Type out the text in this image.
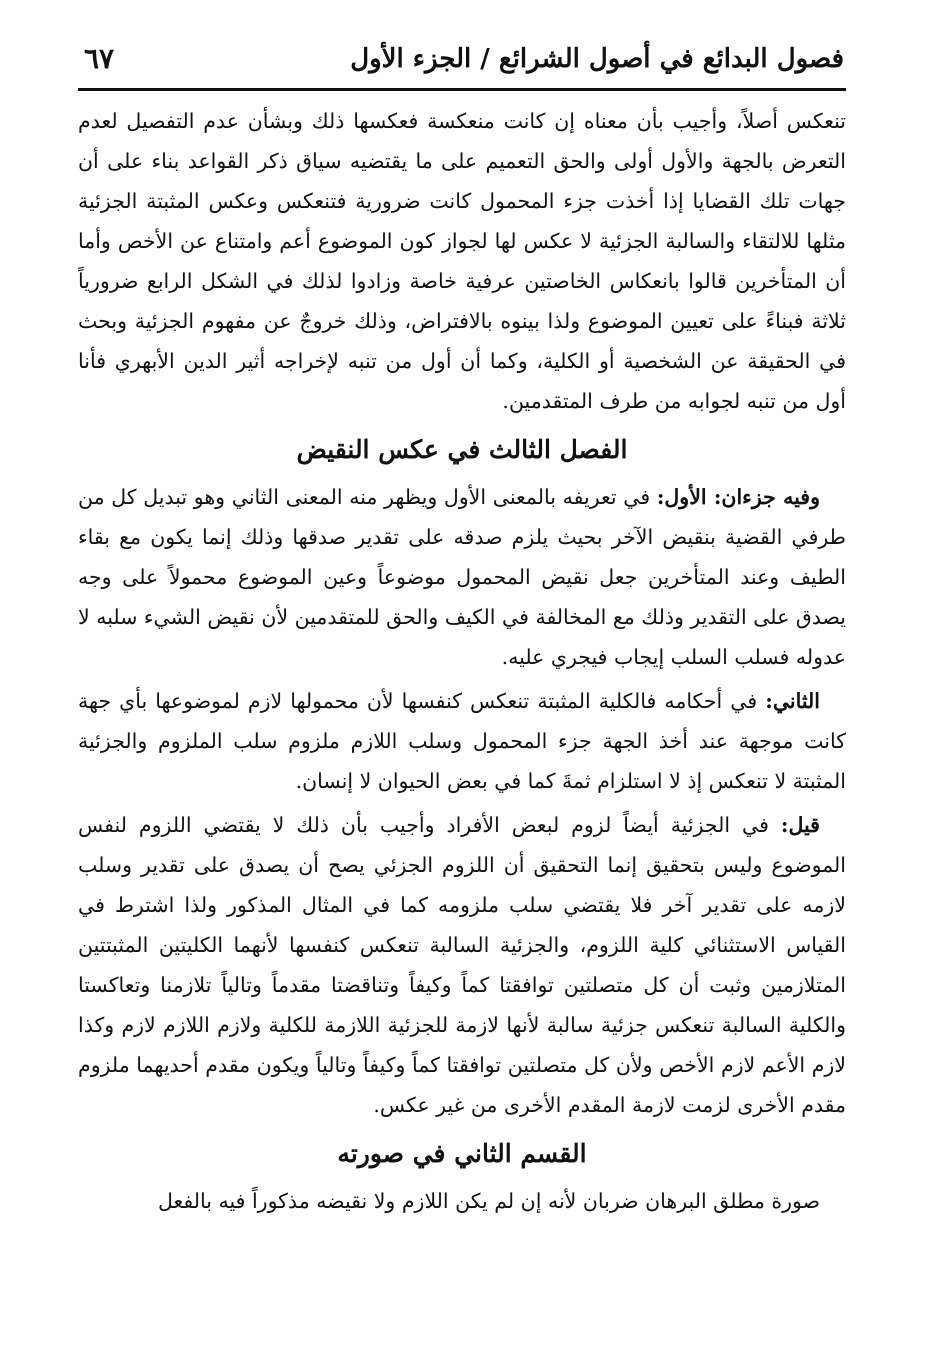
فصول البدائع في أصول الشرائع / الجزء الأول
٦٧

تنعكس أصلاً، وأجيب بأن معناه إن كانت منعكسة فعكسها ذلك وبشأن عدم التفصيل لعدم التعرض بالجهة والأول أولى والحق التعميم على ما يقتضيه سياق ذكر القواعد بناء على أن جهات تلك القضايا إذا أخذت جزء المحمول كانت ضرورية فتنعكس وعكس المثبتة الجزئية مثلها للالتقاء والسالبة الجزئية لا عكس لها لجواز كون الموضوع أعم وامتناع عن الأخص وأما أن المتأخرين قالوا بانعكاس الخاصتين عرفية خاصة وزادوا لذلك في الشكل الرابع ضرورياً ثلاثة فبناءً على تعيين الموضوع ولذا بينوه بالافتراض، وذلك خروجٌ عن مفهوم الجزئية وبحث في الحقيقة عن الشخصية أو الكلية، وكما أن أول من تنبه لإخراجه أثير الدين الأبهري فأنا أول من تنبه لجوابه من طرف المتقدمين.

الفصل الثالث في عكس النقيض

وفيه جزءان: الأول: في تعريفه بالمعنى الأول ويظهر منه المعنى الثاني وهو تبديل كل من طرفي القضية بنقيض الآخر بحيث يلزم صدقه على تقدير صدقها وذلك إنما يكون مع بقاء الطيف وعند المتأخرين جعل نقيض المحمول موضوعاً وعين الموضوع محمولاً على وجه يصدق على التقدير وذلك مع المخالفة في الكيف والحق للمتقدمين لأن نقيض الشيء سلبه لا عدوله فسلب السلب إيجاب فيجري عليه.

الثاني: في أحكامه فالكلية المثبتة تنعكس كنفسها لأن محمولها لازم لموضوعها بأي جهة كانت موجهة عند أخذ الجهة جزء المحمول وسلب اللازم ملزوم سلب الملزوم والجزئية المثبتة لا تنعكس إذ لا استلزام ثمةَ كما في بعض الحيوان لا إنسان.

قيل: في الجزئية أيضاً لزوم لبعض الأفراد وأجيب بأن ذلك لا يقتضي اللزوم لنفس الموضوع وليس بتحقيق إنما التحقيق أن اللزوم الجزئي يصح أن يصدق على تقدير وسلب لازمه على تقدير آخر فلا يقتضي سلب ملزومه كما في المثال المذكور ولذا اشترط في القياس الاستثنائي كلية اللزوم، والجزئية السالبة تنعكس كنفسها لأنهما الكليتين المثبتتين المتلازمين وثبت أن كل متصلتين توافقتا كماً وكيفاً وتناقضتا مقدماً وتالياً تلازمنا وتعاكستا والكلية السالبة تنعكس جزئية سالبة لأنها لازمة للجزئية اللازمة للكلية ولازم اللازم لازم وكذا لازم الأعم لازم الأخص ولأن كل متصلتين توافقتا كماً وكيفاً وتالياً ويكون مقدم أحديهما ملزوم مقدم الأخرى لزمت لازمة المقدم الأخرى من غير عكس.

القسم الثاني في صورته

صورة مطلق البرهان ضربان لأنه إن لم يكن اللازم ولا نقيضه مذكوراً فيه بالفعل
